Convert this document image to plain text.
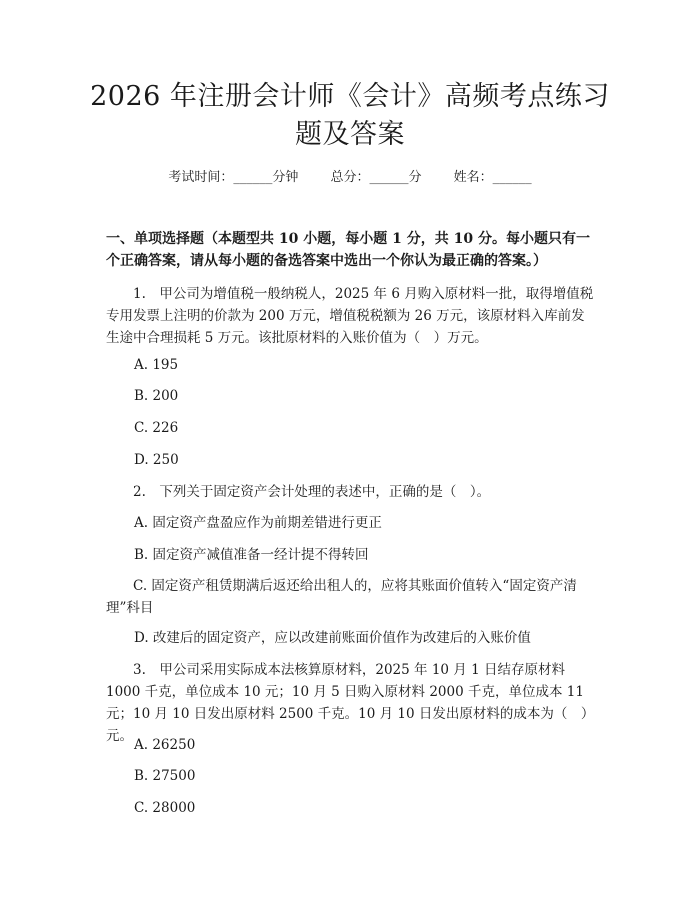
2026 年注册会计师《会计》高频考点练习题及答案
考试时间：______分钟 总分：______分 姓名：______
一、单项选择题（本题型共 10 小题，每小题 1 分，共 10 分。每小题只有一个正确答案，请从每小题的备选答案中选出一个你认为最正确的答案。）
1.　甲公司为增值税一般纳税人，2025 年 6 月购入原材料一批，取得增值税专用发票上注明的价款为 200 万元，增值税税额为 26 万元，该原材料入库前发生途中合理损耗 5 万元。该批原材料的入账价值为（　）万元。
A. 195
B. 200
C. 226
D. 250
2.　下列关于固定资产会计处理的表述中，正确的是（　）。
A. 固定资产盘盈应作为前期差错进行更正
B. 固定资产减值准备一经计提不得转回
C. 固定资产租赁期满后返还给出租人的，应将其账面价值转入“固定资产清理”科目
D. 改建后的固定资产，应以改建前账面价值作为改建后的入账价值
3.　甲公司采用实际成本法核算原材料，2025 年 10 月 1 日结存原材料 1000 千克，单位成本 10 元；10 月 5 日购入原材料 2000 千克，单位成本 11 元；10 月 10 日发出原材料 2500 千克。10 月 10 日发出原材料的成本为（　）元。
A. 26250
B. 27500
C. 28000
